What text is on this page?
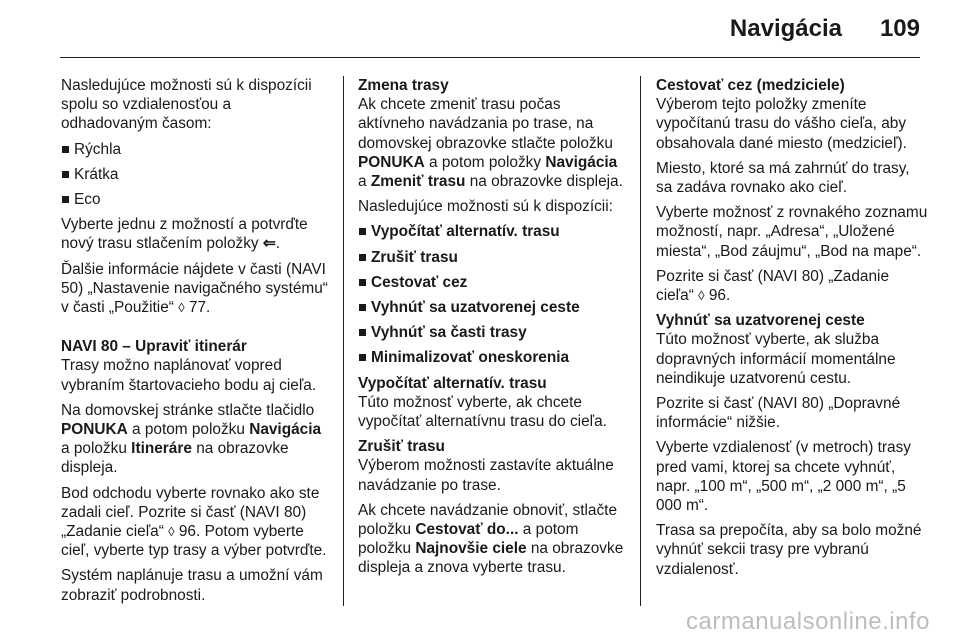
Navigácia 109

Nasledujúce možnosti sú k dispozícii spolu so vzdialenosťou a odhadovaným časom:

Rýchla

Krátka

Eco

Vyberte jednu z možností a potvrďte nový trasu stlačením položky ⇐.

Ďalšie informácie nájdete v časti (NAVI 50) „Nastavenie navigačného systému“ v časti „Použitie“ ◊ 77.

NAVI 80 – Upraviť itinerár
Trasy možno naplánovať vopred vybraním štartovacieho bodu aj cieľa.

Na domovskej stránke stlačte tlačidlo PONUKA a potom položku Navigácia a položku Itineráre na obrazovke displeja.

Bod odchodu vyberte rovnako ako ste zadali cieľ. Pozrite si časť (NAVI 80) „Zadanie cieľa“ ◊ 96. Potom vyberte cieľ, vyberte typ trasy a výber potvrďte.

Systém naplánuje trasu a umožní vám zobraziť podrobnosti.

Zmena trasy
Ak chcete zmeniť trasu počas aktívneho navádzania po trase, na domovskej obrazovke stlačte položku PONUKA a potom položky Navigácia a Zmeniť trasu na obrazovke displeja.

Nasledujúce možnosti sú k dispozícii:

Vypočítať alternatív. trasu

Zrušiť trasu

Cestovať cez

Vyhnúť sa uzatvorenej ceste

Vyhnúť sa časti trasy

Minimalizovať oneskorenia

Vypočítať alternatív. trasu
Túto možnosť vyberte, ak chcete vypočítať alternatívnu trasu do cieľa.

Zrušiť trasu
Výberom možnosti zastavíte aktuálne navádzanie po trase.

Ak chcete navádzanie obnoviť, stlačte položku Cestovať do... a potom položku Najnovšie ciele na obrazovke displeja a znova vyberte trasu.

Cestovať cez (medziciele)
Výberom tejto položky zmeníte vypočítanú trasu do vášho cieľa, aby obsahovala dané miesto (medzicieľ).

Miesto, ktoré sa má zahrnúť do trasy, sa zadáva rovnako ako cieľ.

Vyberte možnosť z rovnakého zoznamu možností, napr. „Adresa“, „Uložené miesta“, „Bod záujmu“, „Bod na mape“.

Pozrite si časť (NAVI 80) „Zadanie cieľa“ ◊ 96.

Vyhnúť sa uzatvorenej ceste
Túto možnosť vyberte, ak služba dopravných informácií momentálne neindikuje uzatvorenú cestu.

Pozrite si časť (NAVI 80) „Dopravné informácie“ nižšie.

Vyberte vzdialenosť (v metroch) trasy pred vami, ktorej sa chcete vyhnúť, napr. „100 m“, „500 m“, „2 000 m“, „5 000 m“.

Trasa sa prepočíta, aby sa bolo možné vyhnúť sekcii trasy pre vybranú vzdialenosť.

carmanualsonline.info
